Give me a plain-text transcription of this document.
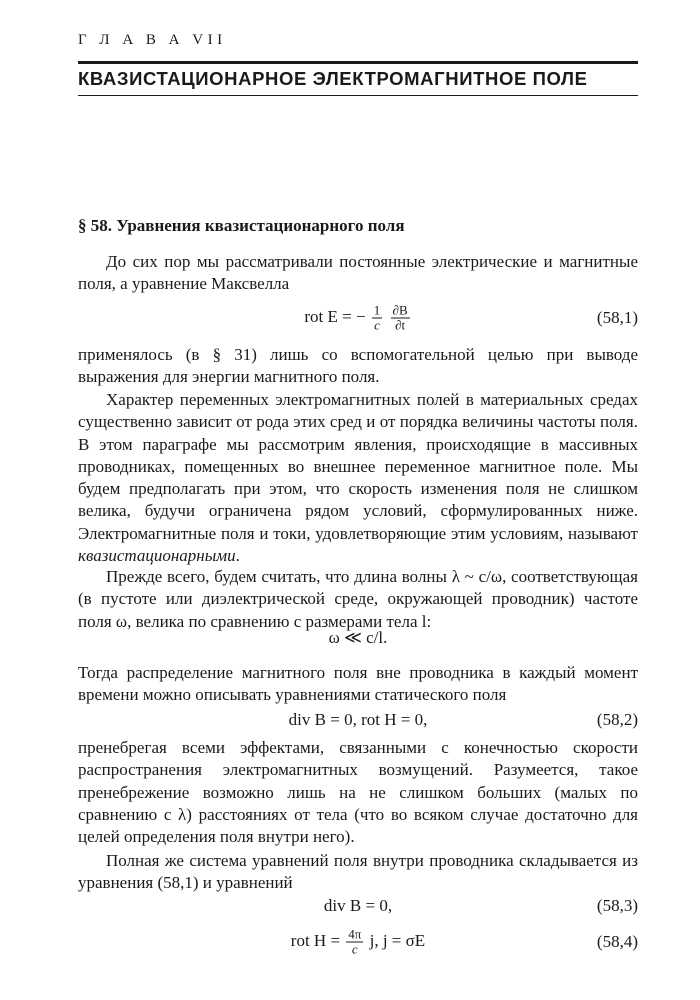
Г Л А В А VII
КВАЗИСТАЦИОНАРНОЕ ЭЛЕКТРОМАГНИТНОЕ ПОЛЕ
§ 58. Уравнения квазистационарного поля

До сих пор мы рассматривали постоянные электрические и магнитные поля, а уравнение Максвелла

rot E = − $\frac{1}{c}$
$\frac{\partial B}{\partial t}$	(58,1)

применялось (в § 31) лишь со вспомогательной целью при выводе выражения для энергии магнитного поля.

Характер переменных электромагнитных полей в материальных средах существенно зависит от рода этих сред и от порядка величины частоты поля. В этом параграфе мы рассмотрим явления, происходящие в массивных проводниках, помещенных во внешнее переменное магнитное поле. Мы будем предполагать при этом, что скорость изменения поля не слишком велика, будучи ограничена рядом условий, сформулированных ниже. Электромагнитные поля и токи, удовлетворяющие этим условиям, называют квазистационарными.

Прежде всего, будем считать, что длина волны λ ~ c/ω, соответствующая (в пустоте или диэлектрической среде, окружающей проводник) частоте поля ω, велика по сравнению с размерами тела l:

ω ≪ c/l.

Тогда распределение магнитного поля вне проводника в каждый момент времени можно описывать уравнениями статического поля

div B = 0, rot H = 0,	(58,2)

пренебрегая всеми эффектами, связанными с конечностью скорости распространения электромагнитных возмущений. Разумеется, такое пренебрежение возможно лишь на не слишком больших (малых по сравнению с λ) расстояниях от тела (что во всяком случае достаточно для целей определения поля внутри него).

Полная же система уравнений поля внутри проводника складывается из уравнения (58,1) и уравнений

div B = 0,	(58,3)
rot $H = \frac{4\pi}{c} j$, j = σE	(58,4)
